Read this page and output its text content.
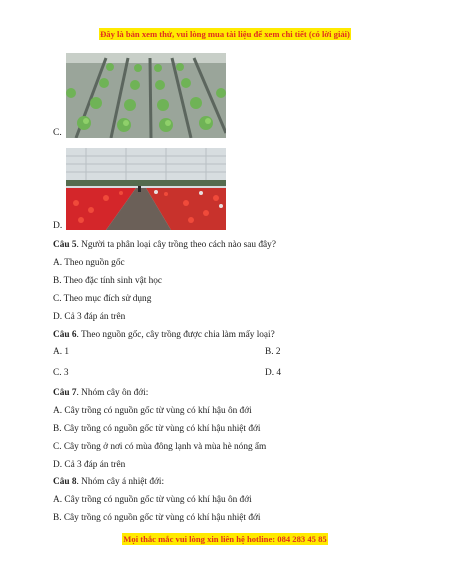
Đây là bản xem thử, vui lòng mua tài liệu để xem chi tiết (có lời giải)
C.
D.
Câu 5. Người ta phân loại cây trồng theo cách nào sau đây?
A. Theo nguồn gốc
B. Theo đặc tính sinh vật học
C. Theo mục đích sử dụng
D. Cả 3 đáp án trên
Câu 6. Theo nguồn gốc, cây trồng được chia làm mấy loại?
A. 1	B. 2
C. 3	D. 4
Câu 7. Nhóm cây ôn đới:
A. Cây trồng có nguồn gốc từ vùng có khí hậu ôn đới
B. Cây trồng có nguồn gốc từ vùng có khí hậu nhiệt đới
C. Cây trồng ở nơi có mùa đông lạnh và mùa hè nóng ẩm
D. Cả 3 đáp án trên
Câu 8. Nhóm cây á nhiệt đới:
A. Cây trồng có nguồn gốc từ vùng có khí hậu ôn đới
B. Cây trồng có nguồn gốc từ vùng có khí hậu nhiệt đới
Mọi thắc mắc vui lòng xin liên hệ hotline: 084 283 45 85
